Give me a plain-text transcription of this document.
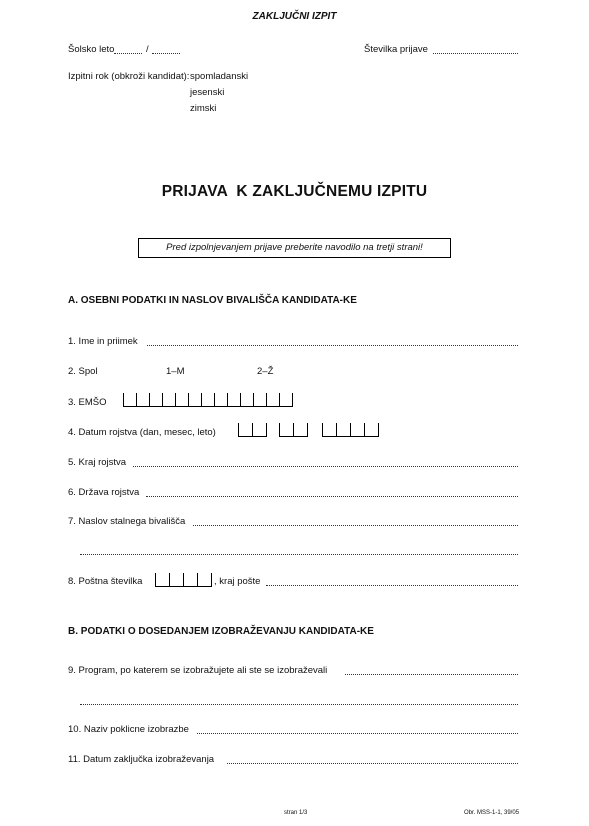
ZAKLJUČNI IZPIT
Šolsko leto	/	Številka prijave
Izpitni rok (obkroži kandidat): spomladanski
jesenski
zimski
PRIJAVA  K ZAKLJUČNEMU IZPITU
Pred izpolnjevanjem prijave preberite navodilo na tretji strani!
A. OSEBNI PODATKI IN NASLOV BIVALIŠČA KANDIDATA-KE
1. Ime in priimek
2. Spol	1–M	2–Ž
3. EMŠO
4. Datum rojstva (dan, mesec, leto)
5. Kraj rojstva
6. Država rojstva
7. Naslov stalnega bivališča
8. Poštna številka	, kraj pošte
B. PODATKI O DOSEDANJEM IZOBRAŽEVANJU KANDIDATA-KE
9. Program, po katerem se izobražujete ali ste se izobraževali
10. Naziv poklicne izobrazbe
11. Datum zaključka izobraževanja
stran 1/3	Obr. MSS-1-1, 39/05
